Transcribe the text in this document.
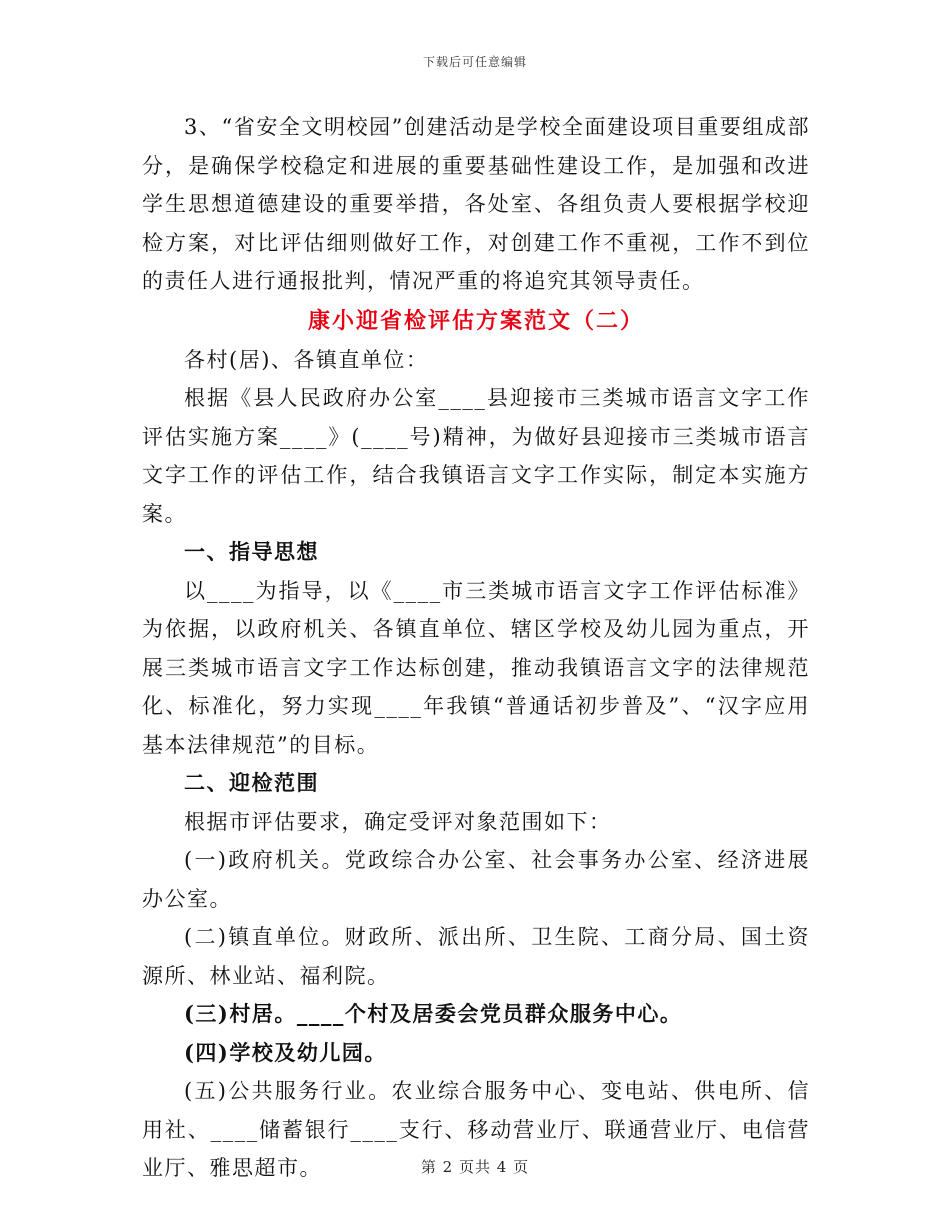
下载后可任意编辑

3、“省安全文明校园”创建活动是学校全面建设项目重要组成部分，是确保学校稳定和进展的重要基础性建设工作，是加强和改进学生思想道德建设的重要举措，各处室、各组负责人要根据学校迎检方案，对比评估细则做好工作，对创建工作不重视，工作不到位的责任人进行通报批判，情况严重的将追究其领导责任。

康小迎省检评估方案范文（二）

各村(居)、各镇直单位：

根据《县人民政府办公室____县迎接市三类城市语言文字工作评估实施方案____》(____号)精神，为做好县迎接市三类城市语言文字工作的评估工作，结合我镇语言文字工作实际，制定本实施方案。

一、指导思想

以____为指导，以《____市三类城市语言文字工作评估标准》为依据，以政府机关、各镇直单位、辖区学校及幼儿园为重点，开展三类城市语言文字工作达标创建，推动我镇语言文字的法律规范化、标准化，努力实现____年我镇“普通话初步普及”、“汉字应用基本法律规范”的目标。

二、迎检范围

根据市评估要求，确定受评对象范围如下：

(一)政府机关。党政综合办公室、社会事务办公室、经济进展办公室。

(二)镇直单位。财政所、派出所、卫生院、工商分局、国土资源所、林业站、福利院。

(三)村居。____个村及居委会党员群众服务中心。

(四)学校及幼儿园。

(五)公共服务行业。农业综合服务中心、变电站、供电所、信用社、____储蓄银行____支行、移动营业厅、联通营业厅、电信营业厅、雅思超市。	第 2 页共 4 页
